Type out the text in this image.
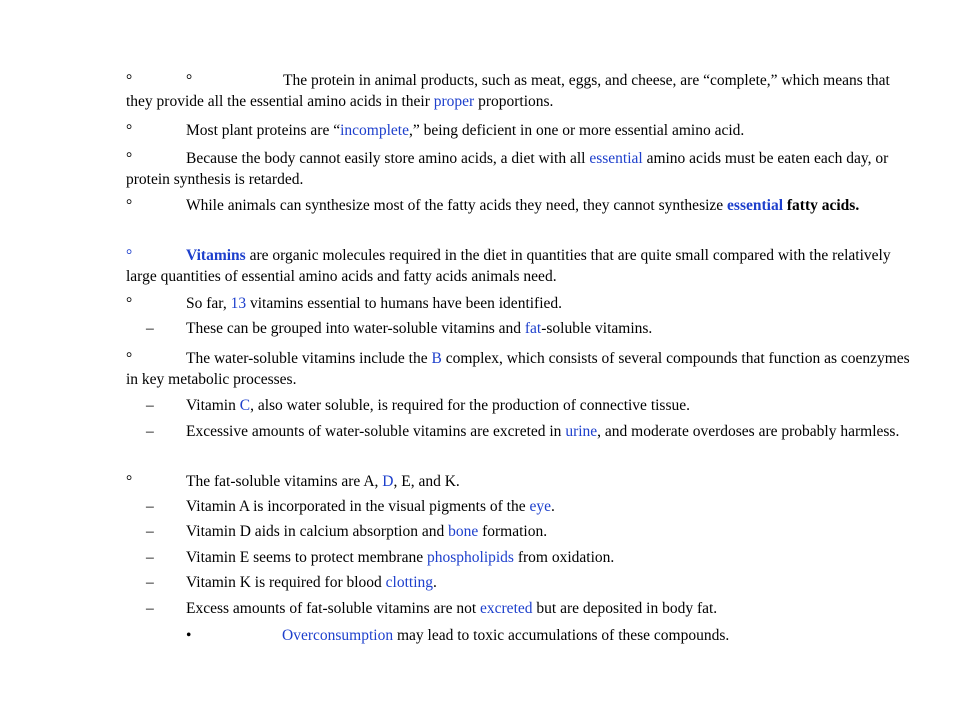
°	°	The protein in animal products, such as meat, eggs, and cheese, are “complete,” which means that they provide all the essential amino acids in their proper proportions.
°	Most plant proteins are “incomplete,” being deficient in one or more essential amino acid.
°	Because the body cannot easily store amino acids, a diet with all essential amino acids must be eaten each day, or protein synthesis is retarded.
°	While animals can synthesize most of the fatty acids they need, they cannot synthesize essential fatty acids.
°	Vitamins are organic molecules required in the diet in quantities that are quite small compared with the relatively large quantities of essential amino acids and fatty acids animals need.
°	So far, 13 vitamins essential to humans have been identified.
–	These can be grouped into water-soluble vitamins and fat-soluble vitamins.
°	The water-soluble vitamins include the B complex, which consists of several compounds that function as coenzymes in key metabolic processes.
–	Vitamin C, also water soluble, is required for the production of connective tissue.
–	Excessive amounts of water-soluble vitamins are excreted in urine, and moderate overdoses are probably harmless.
°	The fat-soluble vitamins are A, D, E, and K.
–	Vitamin A is incorporated in the visual pigments of the eye.
–	Vitamin D aids in calcium absorption and bone formation.
–	Vitamin E seems to protect membrane phospholipids from oxidation.
–	Vitamin K is required for blood clotting.
–	Excess amounts of fat-soluble vitamins are not excreted but are deposited in body fat.
•	Overconsumption may lead to toxic accumulations of these compounds.
